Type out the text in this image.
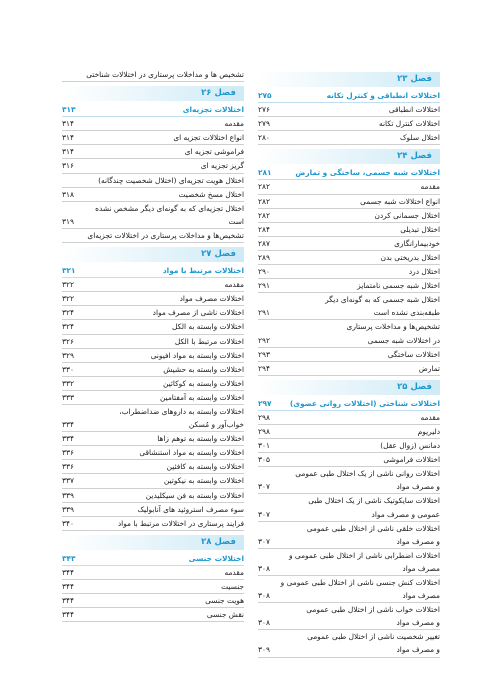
فصل ۲۳
اختلالات انطباقی و کنترل تکانه
۲۷۵
اختلالات انطباقی
۲۷۶
اختلالات کنترل تکانه
۲۷۹
اختلال سلوک
۲۸۰
فصل ۲۴
اختلالات شبه جسمی، ساختگی و تمارض
۲۸۱
مقدمه
۲۸۲
انواع اختلالات شبه جسمی
۲۸۲
اختلال جسمانی کردن
۲۸۲
اختلال تبدیلی
۲۸۴
خودبیمارانگاری
۲۸۷
اختلال بدریختی بدن
۲۸۹
اختلال درد
۲۹۰
اختلال شبه جسمی نامتمایز
۲۹۱
اختلال شبه جسمی که به گونه‌ای دیگر
طبقه‌بندی نشده است
۲۹۱
تشخیص‌ها و مداخلات پرستاری
در اختلالات شبه جسمی
۲۹۲
اختلالات ساختگی
۲۹۳
تمارض
۲۹۴
فصل ۲۵
اختلالات شناختی (اختلالات روانی عضوی)
۲۹۷
مقدمه
۲۹۸
دلیریوم
۲۹۸
دمانس (زوال عقل)
۳۰۱
اختلالات فراموشی
۳۰۵
اختلالات روانی ناشی از یک اختلال طبی عمومی
و مصرف مواد
۳۰۷
اختلالات سایکوتیک ناشی از یک اختلال طبی
عمومی و مصرف مواد
۳۰۷
اختلالات خلقی ناشی از اختلال طبی عمومی
و مصرف مواد
۳۰۷
اختلالات اضطرابی ناشی از اختلال طبی عمومی و
مصرف مواد
۳۰۸
اختلالات کنش جنسی ناشی از اختلال طبی عمومی و
مصرف مواد
۳۰۸
اختلالات خواب ناشی از اختلال طبی عمومی
و مصرف مواد
۳۰۸
تغییر شخصیت ناشی از اختلال طبی عمومی
و مصرف مواد
۳۰۹
تشخیص ها و مداخلات پرستاری در اختلالات شناختی
فصل ۲۶
اختلالات تجزیه‌ای
۳۱۳
مقدمه
۳۱۴
انواع اختلالات تجزیه ای
۳۱۴
فراموشی تجزیه ای
۳۱۴
گریز تجزیه ای
۳۱۶
اختلال هویت تجزیه‌ای (اختلال شخصیت چندگانه)
اختلال مسخ شخصیت
۳۱۸
اختلال تجزیه‌ای که به گونه‌ای دیگر مشخص نشده
است
۳۱۹
تشخیص‌ها و مداخلات پرستاری در اختلالات تجزیه‌ای
فصل ۲۷
اختلالات مرتبط با مواد
۳۲۱
مقدمه
۳۲۲
اختلالات مصرف مواد
۳۲۲
اختلالات ناشی از مصرف مواد
۳۲۴
اختلالات وابسته به الکل
۳۲۴
اختلالات مرتبط با الکل
۳۲۶
اختلالات وابسته به مواد افیونی
۳۲۹
اختلالات وابسته به حشیش
۳۳۰
اختلالات وابسته به کوکائین
۳۳۲
اختلالات وابسته به آمفتامین
۳۳۳
اختلالات وابسته به داروهای ضداضطراب،
خواب‌آور و مُسکن
۳۳۴
اختلالات وابسته به توهم زاها
۳۳۴
اختلالات وابسته به مواد استنشاقی
۳۳۶
اختلالات وابسته به کافئین
۳۳۶
اختلالات وابسته به نیکوتین
۳۳۷
اختلالات وابسته به فن سیکلیدین
۳۳۹
سوء مصرف استروئید های آنابولیک
۳۳۹
فرایند پرستاری در اختلالات مرتبط با مواد
۳۴۰
فصل ۲۸
اختلالات جنسی
۳۴۳
مقدمه
۳۴۴
جنسیت
۳۴۴
هویت جنسی
۳۴۴
نقش جنسی
۳۴۴
